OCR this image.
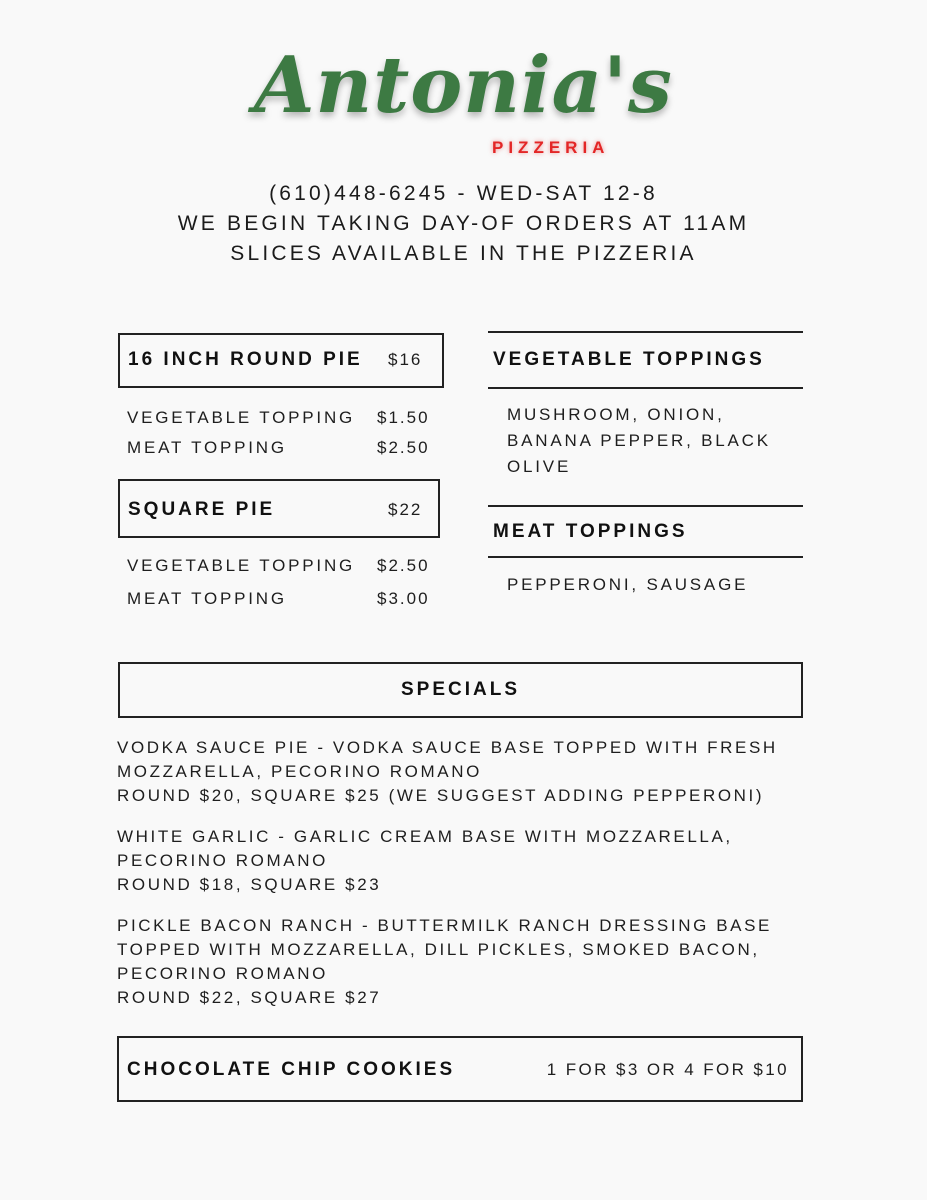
Antonia's
PIZZERIA
(610)448-6245 - WED-SAT 12-8
WE BEGIN TAKING DAY-OF ORDERS AT 11AM
SLICES AVAILABLE IN THE PIZZERIA
16 INCH ROUND PIE $16
VEGETABLE TOPPING $1.50
MEAT TOPPING	$2.50
SQUARE PIE	$22
VEGETABLE TOPPING $2.50
MEAT TOPPING	$3.00
VEGETABLE TOPPINGS
MUSHROOM, ONION,
BANANA PEPPER, BLACK
OLIVE
MEAT TOPPINGS
PEPPERONI, SAUSAGE
SPECIALS
VODKA SAUCE PIE - VODKA SAUCE BASE TOPPED WITH FRESH
MOZZARELLA, PECORINO ROMANO
ROUND $20, SQUARE $25 (WE SUGGEST ADDING PEPPERONI)
WHITE GARLIC - GARLIC CREAM BASE WITH MOZZARELLA,
PECORINO ROMANO
ROUND $18, SQUARE $23
PICKLE BACON RANCH - BUTTERMILK RANCH DRESSING BASE
TOPPED WITH MOZZARELLA, DILL PICKLES, SMOKED BACON,
PECORINO ROMANO
ROUND $22, SQUARE $27
CHOCOLATE CHIP COOKIES	1 FOR $3 OR 4 FOR $10
